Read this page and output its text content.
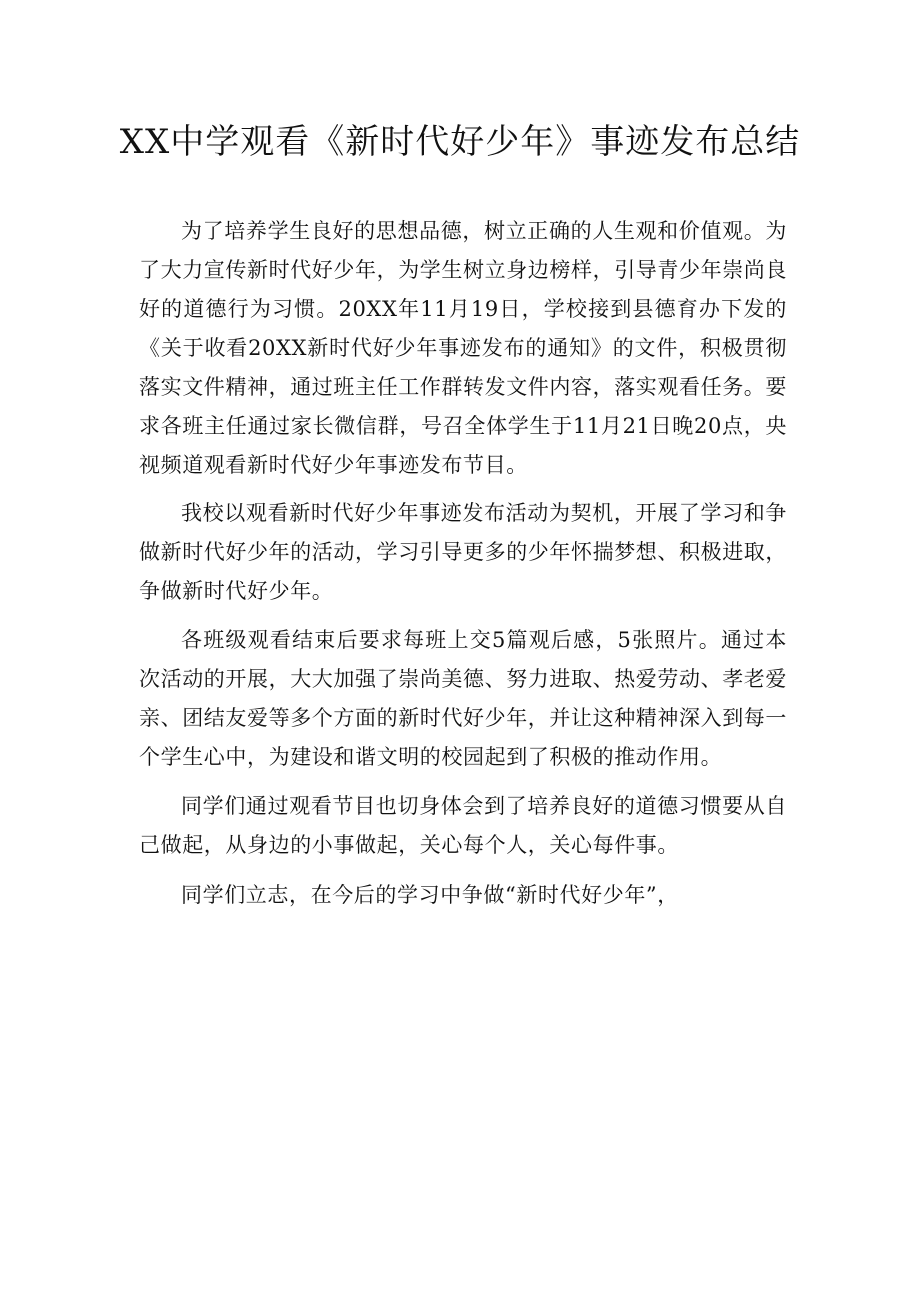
XX中学观看《新时代好少年》事迹发布总结

为了培养学生良好的思想品德，树立正确的人生观和价值观。为了大力宣传新时代好少年，为学生树立身边榜样，引导青少年崇尚良好的道德行为习惯。20XX年11月19日，学校接到县德育办下发的《关于收看20XX新时代好少年事迹发布的通知》的文件，积极贯彻落实文件精神，通过班主任工作群转发文件内容，落实观看任务。要求各班主任通过家长微信群，号召全体学生于11月21日晚20点，央视频道观看新时代好少年事迹发布节目。

我校以观看新时代好少年事迹发布活动为契机，开展了学习和争做新时代好少年的活动，学习引导更多的少年怀揣梦想、积极进取，争做新时代好少年。

各班级观看结束后要求每班上交5篇观后感，5张照片。通过本次活动的开展，大大加强了崇尚美德、努力进取、热爱劳动、孝老爱亲、团结友爱等多个方面的新时代好少年，并让这种精神深入到每一个学生心中，为建设和谐文明的校园起到了积极的推动作用。

同学们通过观看节目也切身体会到了培养良好的道德习惯要从自己做起，从身边的小事做起，关心每个人，关心每件事。

同学们立志，在今后的学习中争做“新时代好少年”，
